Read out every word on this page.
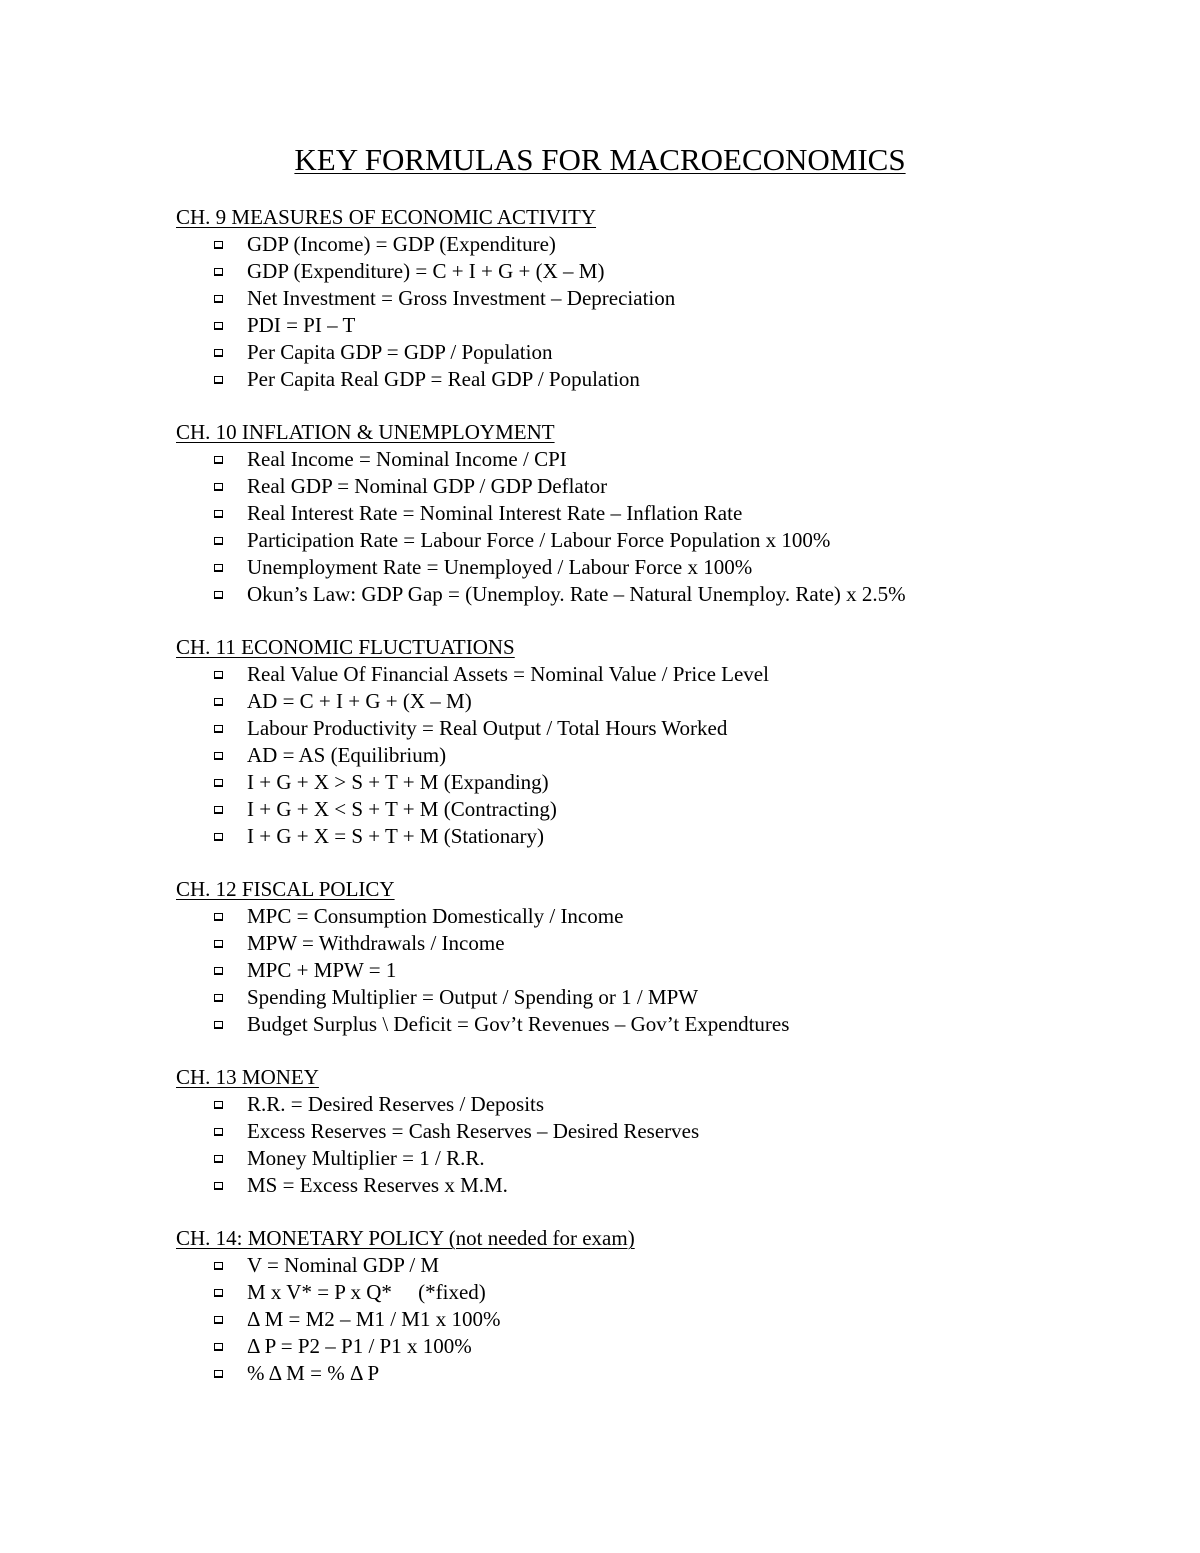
KEY FORMULAS FOR MACROECONOMICS
CH. 9 MEASURES OF ECONOMIC ACTIVITY
GDP (Income) = GDP (Expenditure)
GDP (Expenditure) = C + I + G + (X – M)
Net Investment = Gross Investment – Depreciation
PDI = PI – T
Per Capita GDP = GDP / Population
Per Capita Real GDP = Real GDP / Population
CH. 10 INFLATION & UNEMPLOYMENT
Real Income = Nominal Income / CPI
Real GDP = Nominal GDP / GDP Deflator
Real Interest Rate = Nominal Interest Rate – Inflation Rate
Participation Rate = Labour Force / Labour Force Population x 100%
Unemployment Rate = Unemployed / Labour Force x 100%
Okun’s Law: GDP Gap = (Unemploy. Rate – Natural Unemploy. Rate) x 2.5%
CH. 11 ECONOMIC FLUCTUATIONS
Real Value Of Financial Assets = Nominal Value / Price Level
AD = C + I + G + (X – M)
Labour Productivity = Real Output / Total Hours Worked
AD = AS (Equilibrium)
I + G + X > S + T + M (Expanding)
I + G + X < S + T + M (Contracting)
I + G + X = S + T + M (Stationary)
CH. 12 FISCAL POLICY
MPC = Consumption Domestically / Income
MPW = Withdrawals / Income
MPC + MPW = 1
Spending Multiplier = Output / Spending or 1 / MPW
Budget Surplus \ Deficit = Gov’t Revenues – Gov’t Expendtures
CH. 13 MONEY
R.R. = Desired Reserves / Deposits
Excess Reserves = Cash Reserves – Desired Reserves
Money Multiplier = 1 / R.R.
MS = Excess Reserves x M.M.
CH. 14: MONETARY POLICY (not needed for exam)
V = Nominal GDP / M
M x V* = P x Q*     (*fixed)
Δ M = M2 – M1 / M1 x 100%
Δ P = P2 – P1 / P1 x 100%
% Δ M = % Δ P
